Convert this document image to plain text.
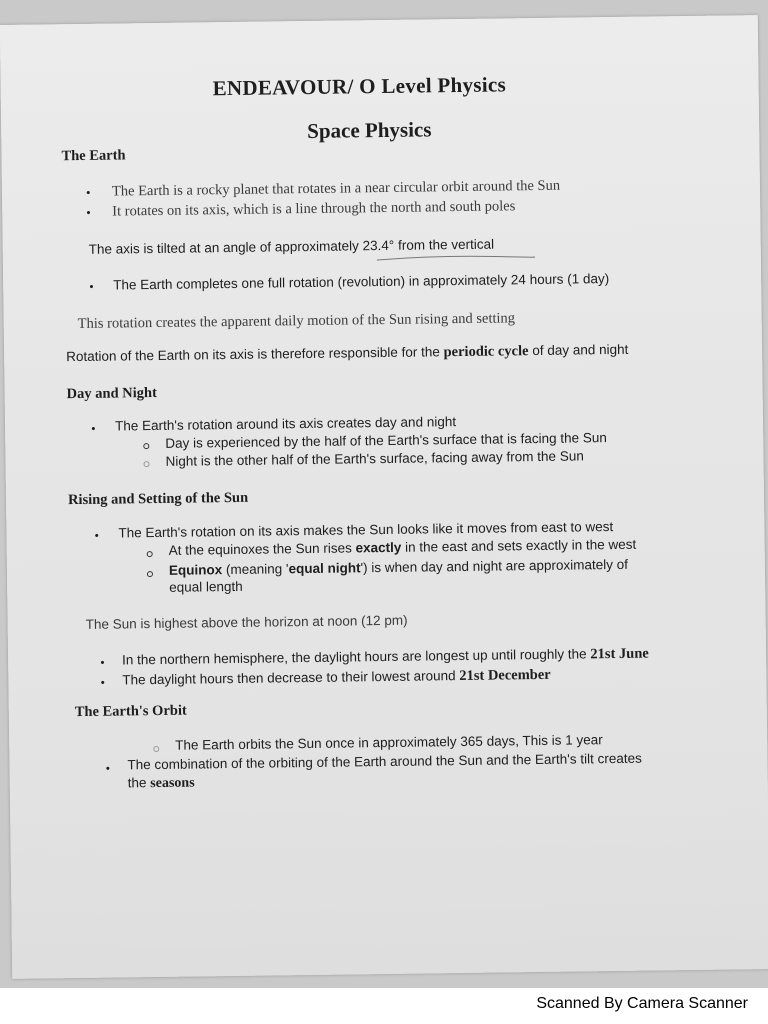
ENDEAVOUR/ O Level Physics
Space Physics
The Earth
• The Earth is a rocky planet that rotates in a near circular orbit around the Sun
• It rotates on its axis, which is a line through the north and south poles
The axis is tilted at an angle of approximately 23.4° from the vertical
• The Earth completes one full rotation (revolution) in approximately 24 hours (1 day)
This rotation creates the apparent daily motion of the Sun rising and setting
Rotation of the Earth on its axis is therefore responsible for the periodic cycle of day and night
Day and Night
• The Earth's rotation around its axis creates day and night
Day is experienced by the half of the Earth's surface that is facing the Sun
Night is the other half of the Earth's surface, facing away from the Sun
Rising and Setting of the Sun
• The Earth's rotation on its axis makes the Sun looks like it moves from east to west
At the equinoxes the Sun rises exactly in the east and sets exactly in the west
Equinox (meaning 'equal night') is when day and night are approximately of
equal length
The Sun is highest above the horizon at noon (12 pm)
• In the northern hemisphere, the daylight hours are longest up until roughly the 21st June
• The daylight hours then decrease to their lowest around 21st December
The Earth's Orbit
The Earth orbits the Sun once in approximately 365 days, This is 1 year
• The combination of the orbiting of the Earth around the Sun and the Earth's tilt creates
the seasons
Scanned By Camera Scanner
